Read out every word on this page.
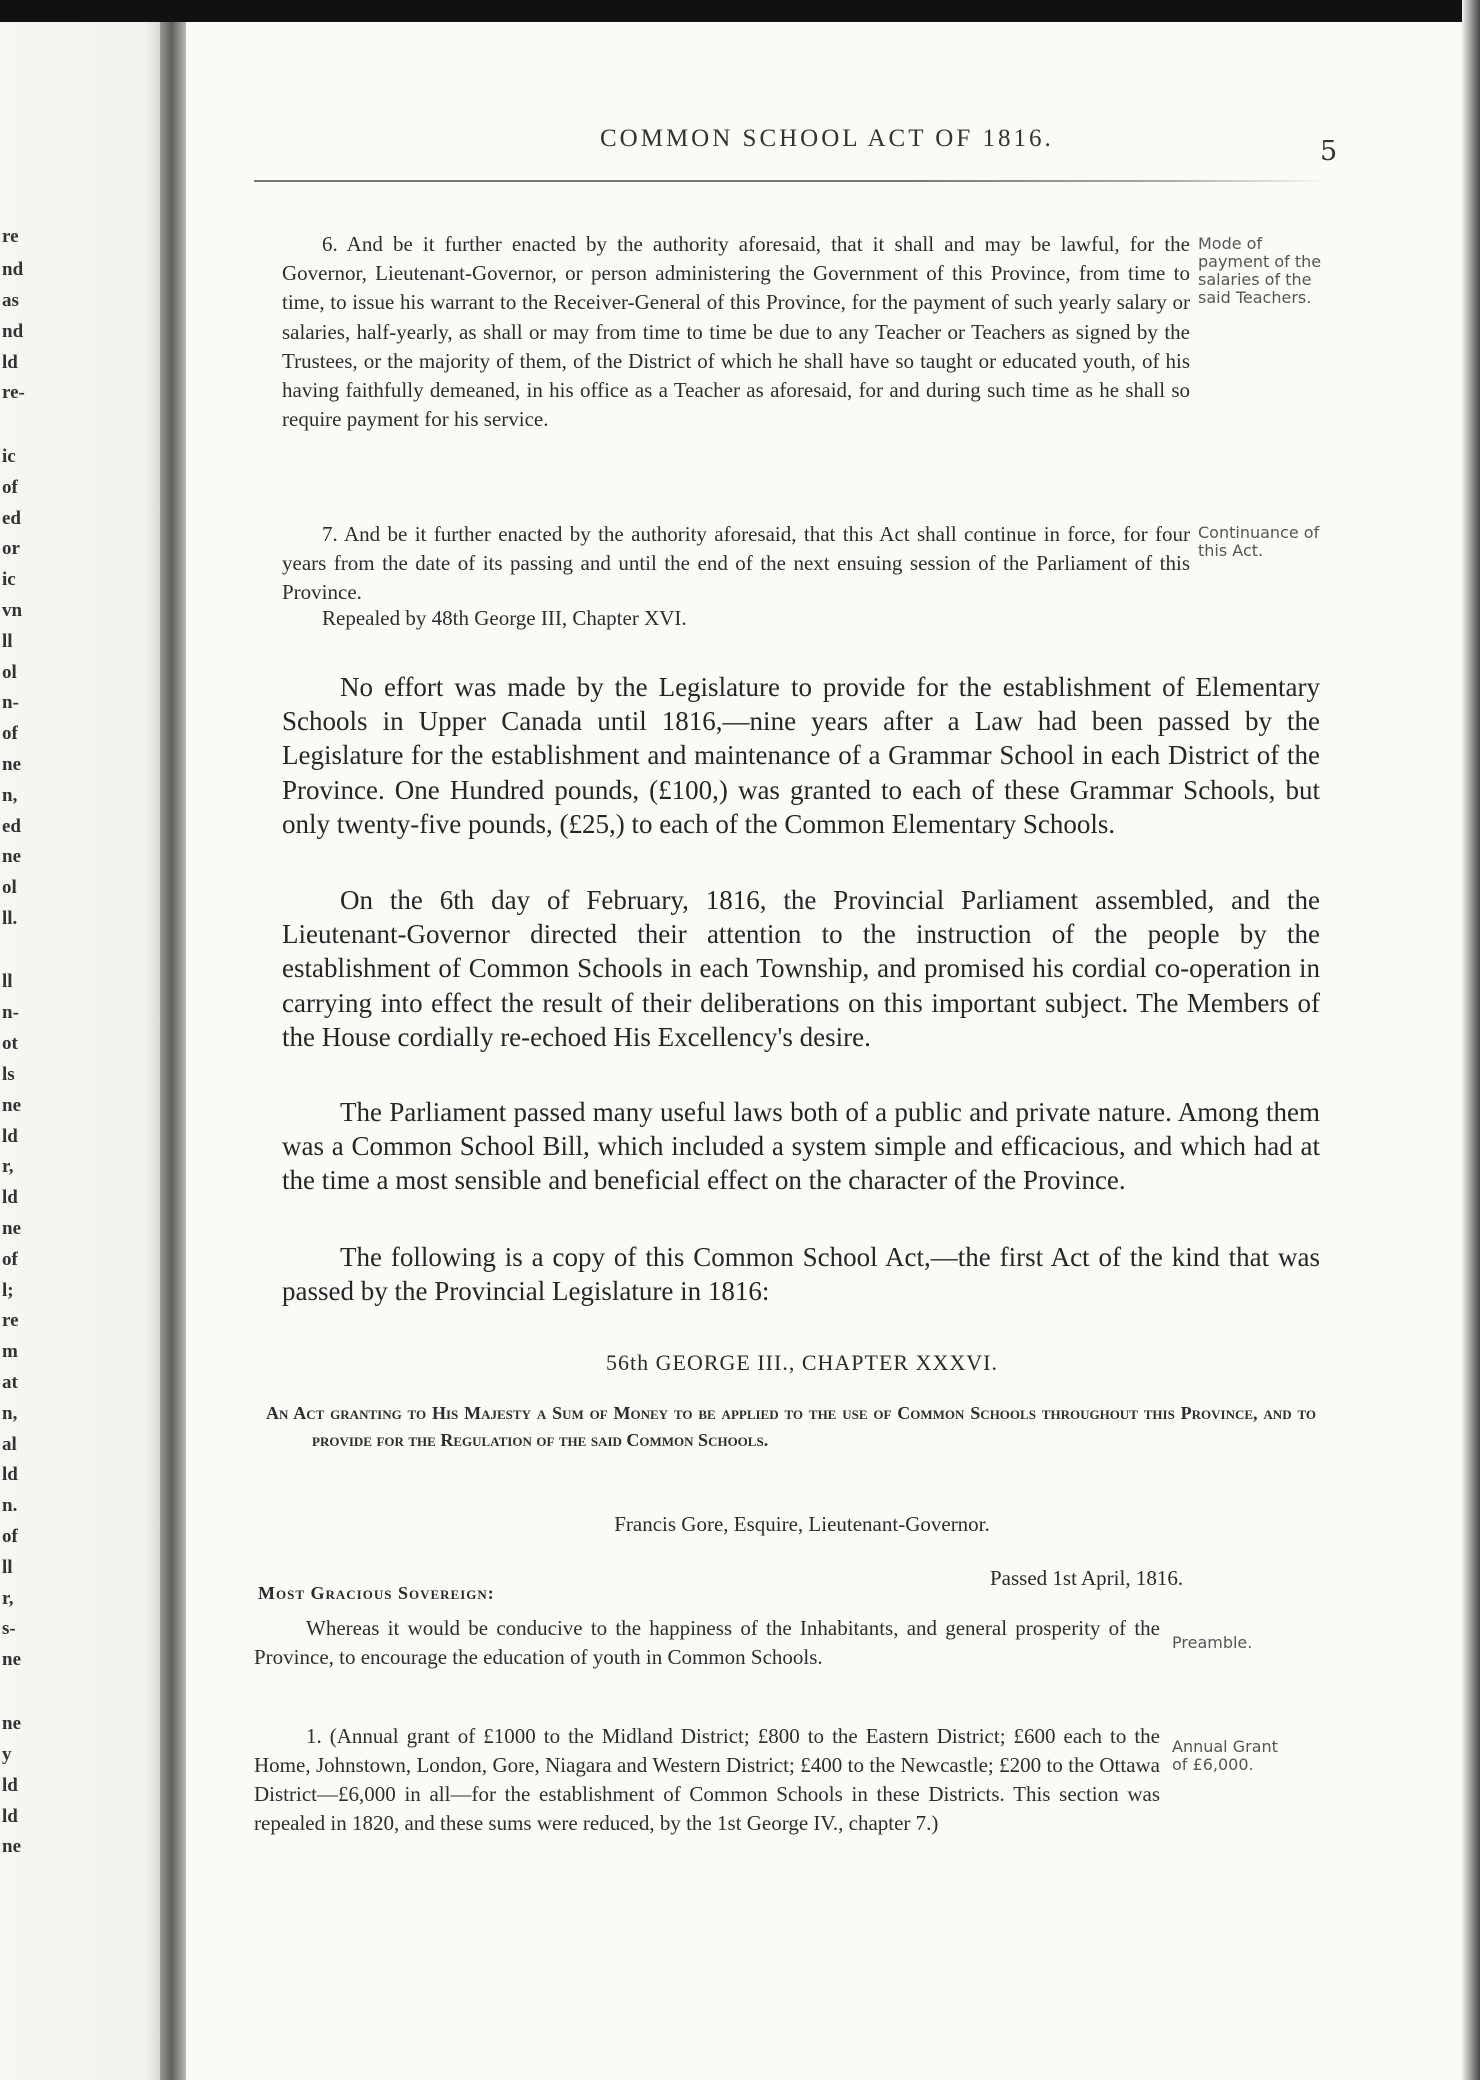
re
nd
as
nd
ld
re-
ic
of
ed
or
ic
vn
ll
ol
n-
of
ne
n,
ed
ne
ol
ll.
ll
n-
ot
ls
ne
ld
r,
ld
ne
of
l;
re
m
at
n,
al
ld
n.
of
ll
r,
s-
ne
ne
y
ld
ld
ne
COMMON SCHOOL ACT OF 1816.	5

6. And be it further enacted by the authority aforesaid, that it shall and may be lawful, for the Governor, Lieutenant-Governor, or person administering the Government of this Province, from time to time, to issue his warrant to the Receiver-General of this Province, for the payment of such yearly salary or salaries, half-yearly, as shall or may from time to time be due to any Teacher or Teachers as signed by the Trustees, or the majority of them, of the District of which he shall have so taught or educated youth, of his having faithfully demeaned, in his office as a Teacher as aforesaid, for and during such time as he shall so require payment for his service.

Mode of payment of the salaries of the said Teachers.

7. And be it further enacted by the authority aforesaid, that this Act shall continue in force, for four years from the date of its passing and until the end of the next ensuing session of the Parliament of this Province.

Continuance of this Act.

Repealed by 48th George III, Chapter XVI.

No effort was made by the Legislature to provide for the establishment of Elementary Schools in Upper Canada until 1816,—nine years after a Law had been passed by the Legislature for the establishment and maintenance of a Grammar School in each District of the Province. One Hundred pounds, (£100,) was granted to each of these Grammar Schools, but only twenty-five pounds, (£25,) to each of the Common Elementary Schools.

On the 6th day of February, 1816, the Provincial Parliament assembled, and the Lieutenant-Governor directed their attention to the instruction of the people by the establishment of Common Schools in each Township, and promised his cordial co-operation in carrying into effect the result of their deliberations on this important subject. The Members of the House cordially re-echoed His Excellency's desire.

The Parliament passed many useful laws both of a public and private nature. Among them was a Common School Bill, which included a system simple and efficacious, and which had at the time a most sensible and beneficial effect on the character of the Province.

The following is a copy of this Common School Act,—the first Act of the kind that was passed by the Provincial Legislature in 1816:

56th GEORGE III., CHAPTER XXXVI.

An Act granting to His Majesty a Sum of Money to be applied to the use of Common Schools throughout this Province, and to provide for the Regulation of the said Common Schools.

Francis Gore, Esquire, Lieutenant-Governor.
Passed 1st April, 1816.
Most Gracious Sovereign:

Whereas it would be conducive to the happiness of the Inhabitants, and general prosperity of the Province, to encourage the education of youth in Common Schools.

Preamble.

1. (Annual grant of £1000 to the Midland District; £800 to the Eastern District; £600 each to the Home, Johnstown, London, Gore, Niagara and Western District; £400 to the Newcastle; £200 to the Ottawa District—£6,000 in all—for the establishment of Common Schools in these Districts. This section was repealed in 1820, and these sums were reduced, by the 1st George IV., chapter 7.)

Annual Grant of £6,000.
